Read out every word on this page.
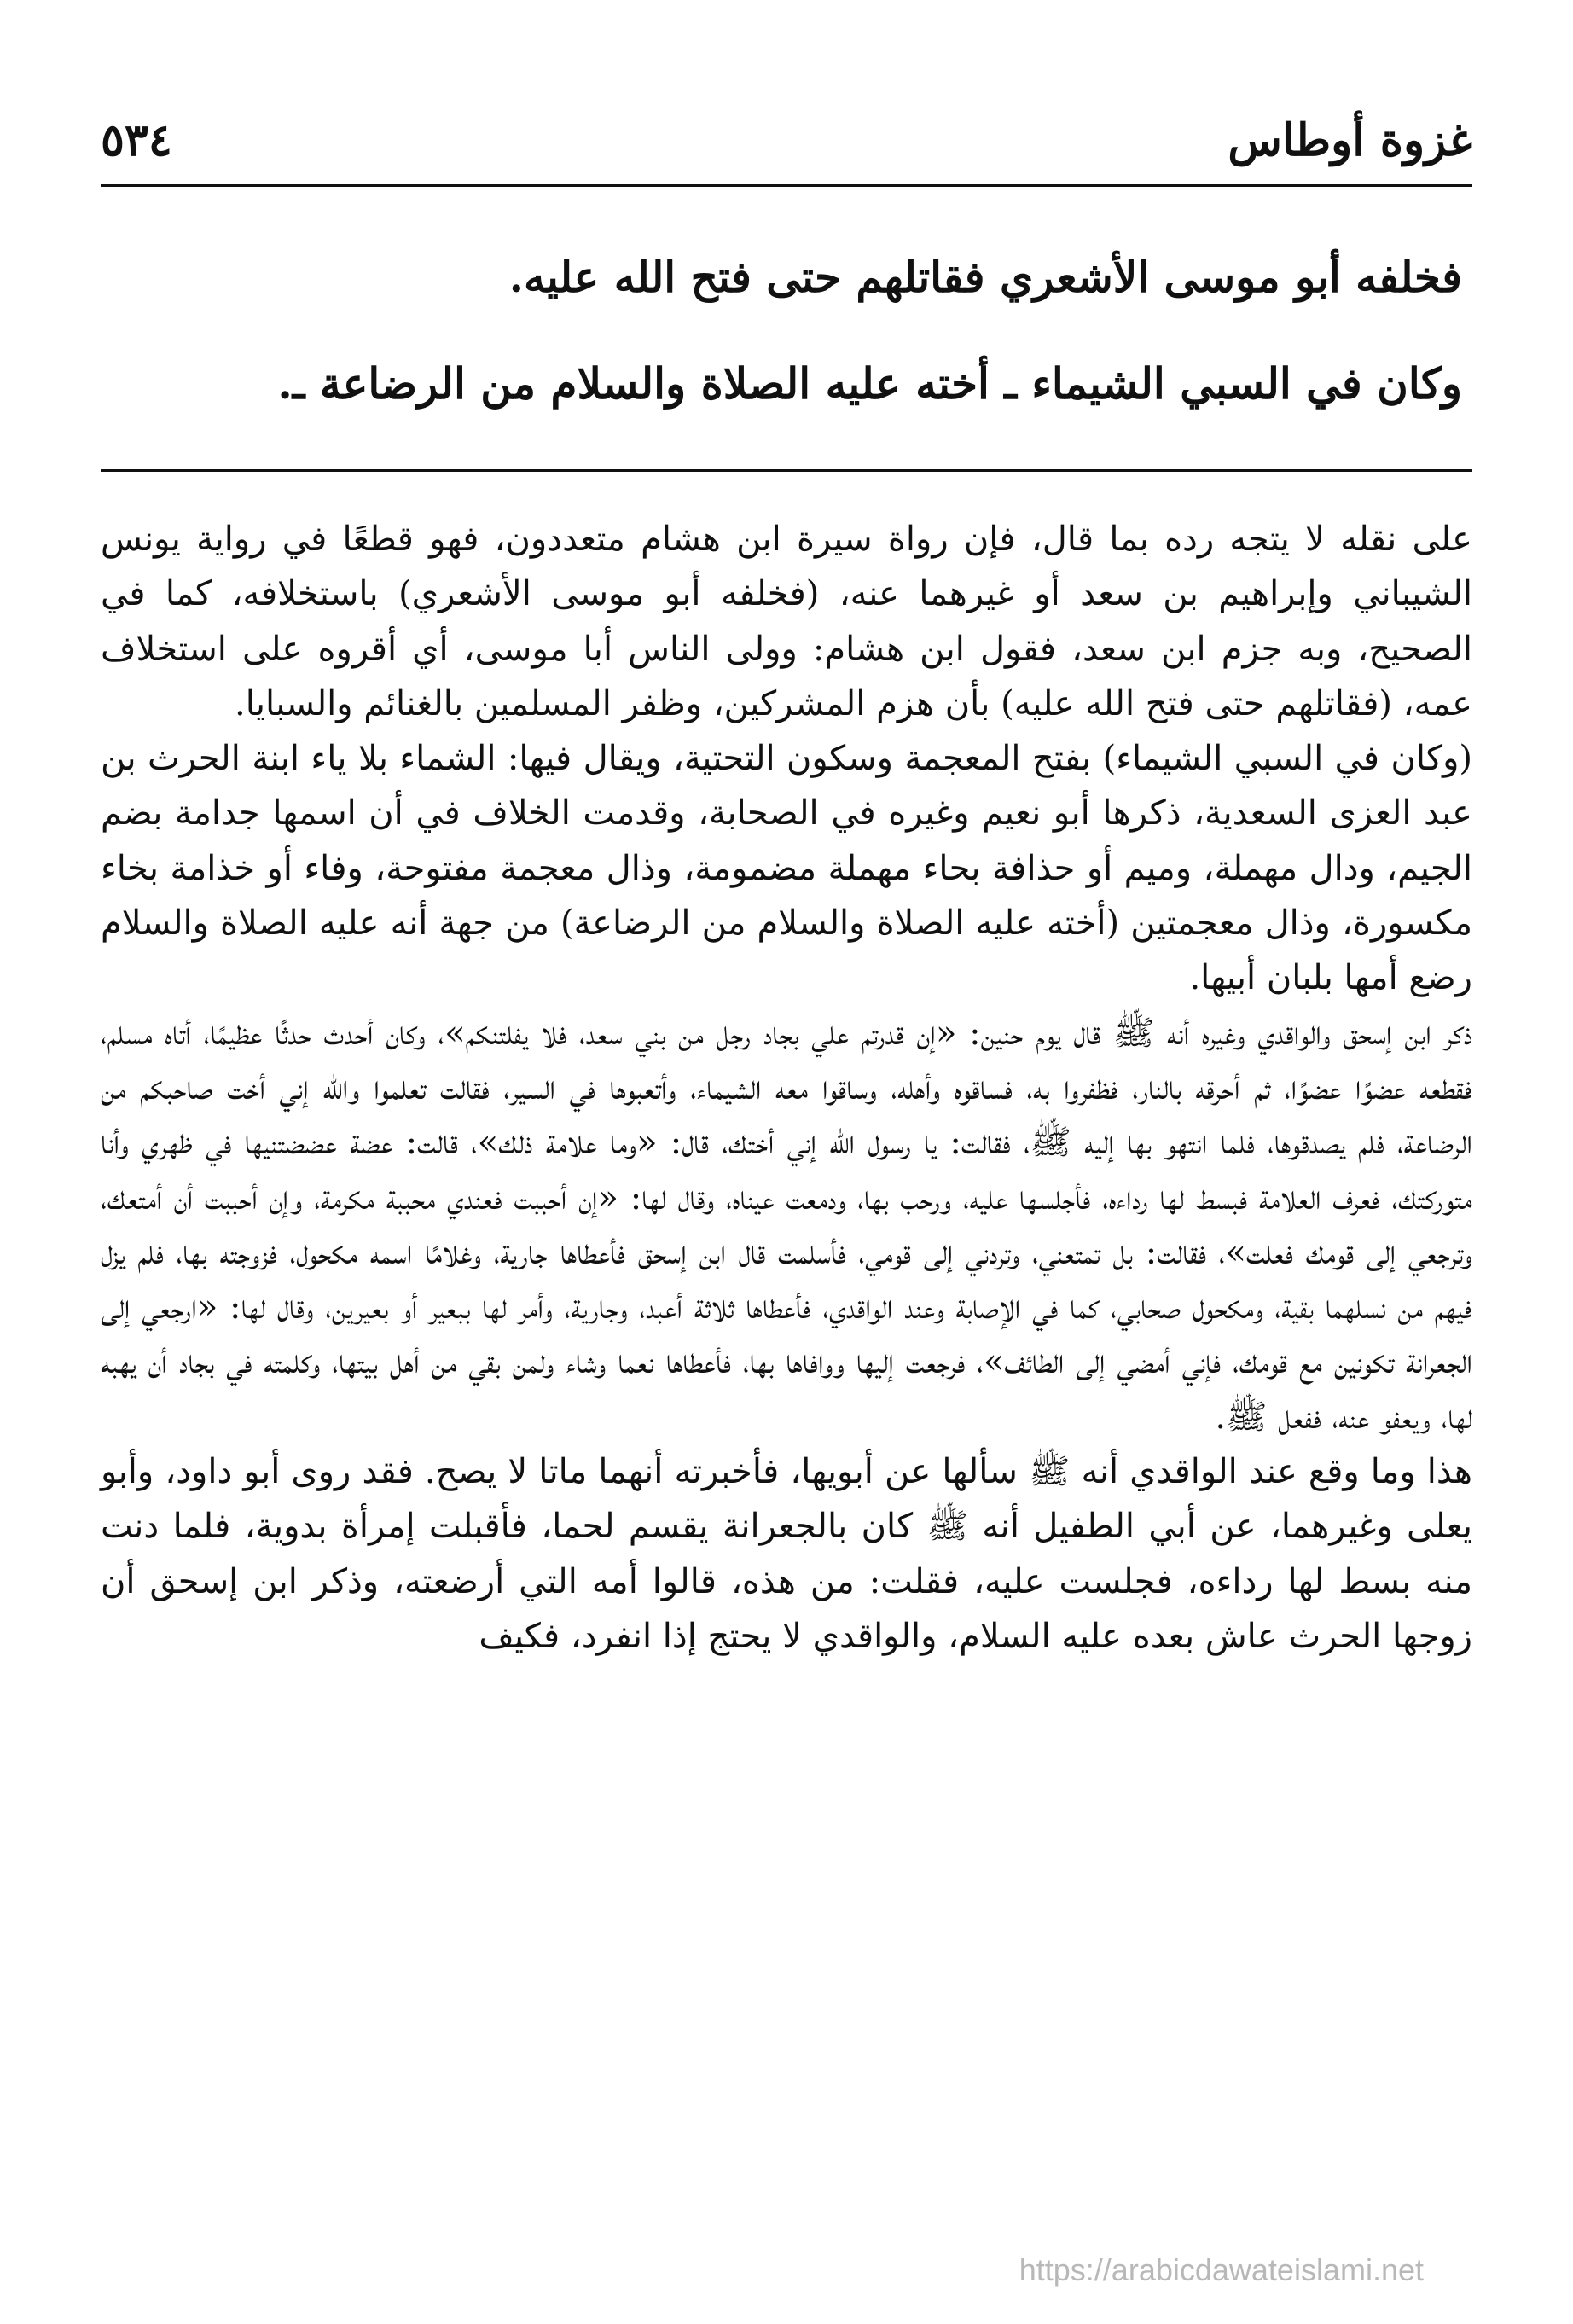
٥٣٤	غزوة أوطاس

فخلفه أبو موسى الأشعري فقاتلهم حتى فتح الله عليه.

وكان في السبي الشيماء ـ أخته عليه الصلاة والسلام من الرضاعة ـ.

على نقله لا يتجه رده بما قال، فإن رواة سيرة ابن هشام متعددون، فهو قطعًا في رواية يونس الشيباني وإبراهيم بن سعد أو غيرهما عنه، (فخلفه أبو موسى الأشعري) باستخلافه، كما في الصحيح، وبه جزم ابن سعد، فقول ابن هشام: وولى الناس أبا موسى، أي أقروه على استخلاف عمه، (فقاتلهم حتى فتح الله عليه) بأن هزم المشركين، وظفر المسلمين بالغنائم والسبايا.

(وكان في السبي الشيماء) بفتح المعجمة وسكون التحتية، ويقال فيها: الشماء بلا ياء ابنة الحرث بن عبد العزى السعدية، ذكرها أبو نعيم وغيره في الصحابة، وقدمت الخلاف في أن اسمها جدامة بضم الجيم، ودال مهملة، وميم أو حذافة بحاء مهملة مضمومة، وذال معجمة مفتوحة، وفاء أو خذامة بخاء مكسورة، وذال معجمتين (أخته عليه الصلاة والسلام من الرضاعة) من جهة أنه عليه الصلاة والسلام رضع أمها بلبان أبيها.

ذكر ابن إسحق والواقدي وغيره أنه ﷺ قال يوم حنين: «إن قدرتم علي بجاد رجل من بني سعد، فلا يفلتنكم»، وكان أحدث حدثًا عظيمًا، أتاه مسلم، فقطعه عضوًا عضوًا، ثم أحرقه بالنار، فظفروا به، فساقوه وأهله، وساقوا معه الشيماء، وأتعبوها في السير، فقالت تعلموا والله إني أخت صاحبكم من الرضاعة، فلم يصدقوها، فلما انتهو بها إليه ﷺ، فقالت: يا رسول الله إني أختك، قال: «وما علامة ذلك»، قالت: عضة عضضتنيها في ظهري وأنا متوركتك، فعرف العلامة فبسط لها رداءه، فأجلسها عليه، ورحب بها، ودمعت عيناه، وقال لها: «إن أحببت فعندي محببة مكرمة، وإن أحببت أن أمتعك، وترجعي إلى قومك فعلت»، فقالت: بل تمتعني، وتردني إلى قومي، فأسلمت قال ابن إسحق فأعطاها جارية، وغلامًا اسمه مكحول، فزوجته بها، فلم يزل فيهم من نسلهما بقية، ومكحول صحابي، كما في الإصابة وعند الواقدي، فأعطاها ثلاثة أعبد، وجارية، وأمر لها ببعير أو بعيرين، وقال لها: «ارجعي إلى الجعرانة تكونين مع قومك، فإني أمضي إلى الطائف»، فرجعت إليها ووافاها بها، فأعطاها نعما وشاء ولمن بقي من أهل بيتها، وكلمته في بجاد أن يهبه لها، ويعفو عنه، ففعل ﷺ.

هذا وما وقع عند الواقدي أنه ﷺ سألها عن أبويها، فأخبرته أنهما ماتا لا يصح. فقد روى أبو داود، وأبو يعلى وغيرهما، عن أبي الطفيل أنه ﷺ كان بالجعرانة يقسم لحما، فأقبلت إمرأة بدوية، فلما دنت منه بسط لها رداءه، فجلست عليه، فقلت: من هذه، قالوا أمه التي أرضعته، وذكر ابن إسحق أن زوجها الحرث عاش بعده عليه السلام، والواقدي لا يحتج إذا انفرد، فكيف

https://arabicdawateislami.net
